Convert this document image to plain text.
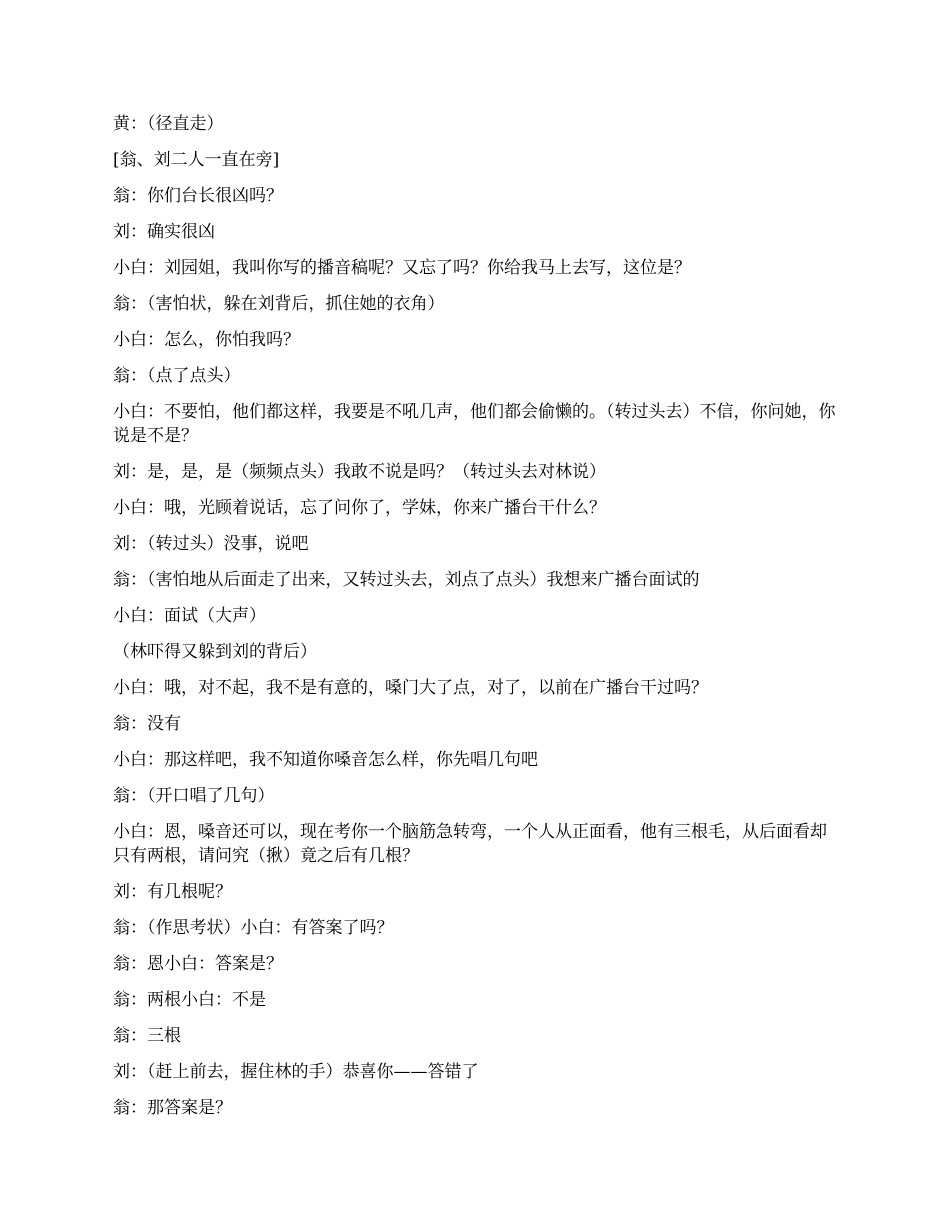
黄：（径直走）

[翁、刘二人一直在旁]

翁：你们台长很凶吗？

刘：确实很凶

小白：刘园姐，我叫你写的播音稿呢？又忘了吗？你给我马上去写，这位是？

翁：（害怕状，躲在刘背后，抓住她的衣角）

小白：怎么，你怕我吗？

翁：（点了点头）

小白：不要怕，他们都这样，我要是不吼几声，他们都会偷懒的。（转过头去）不信，你问她，你说是不是？

刘：是，是，是（频频点头）我敢不说是吗？（转过头去对林说）

小白：哦，光顾着说话，忘了问你了，学妹，你来广播台干什么？

刘：（转过头）没事，说吧

翁：（害怕地从后面走了出来，又转过头去，刘点了点头）我想来广播台面试的

小白：面试（大声）

（林吓得又躲到刘的背后）

小白：哦，对不起，我不是有意的，嗓门大了点，对了，以前在广播台干过吗？

翁：没有

小白：那这样吧，我不知道你嗓音怎么样，你先唱几句吧

翁：（开口唱了几句）

小白：恩，嗓音还可以，现在考你一个脑筋急转弯，一个人从正面看，他有三根毛，从后面看却只有两根，请问究（揪）竟之后有几根？

刘：有几根呢？

翁：（作思考状）小白：有答案了吗？

翁：恩小白：答案是？

翁：两根小白：不是

翁：三根

刘：（赶上前去，握住林的手）恭喜你——答错了

翁：那答案是？
